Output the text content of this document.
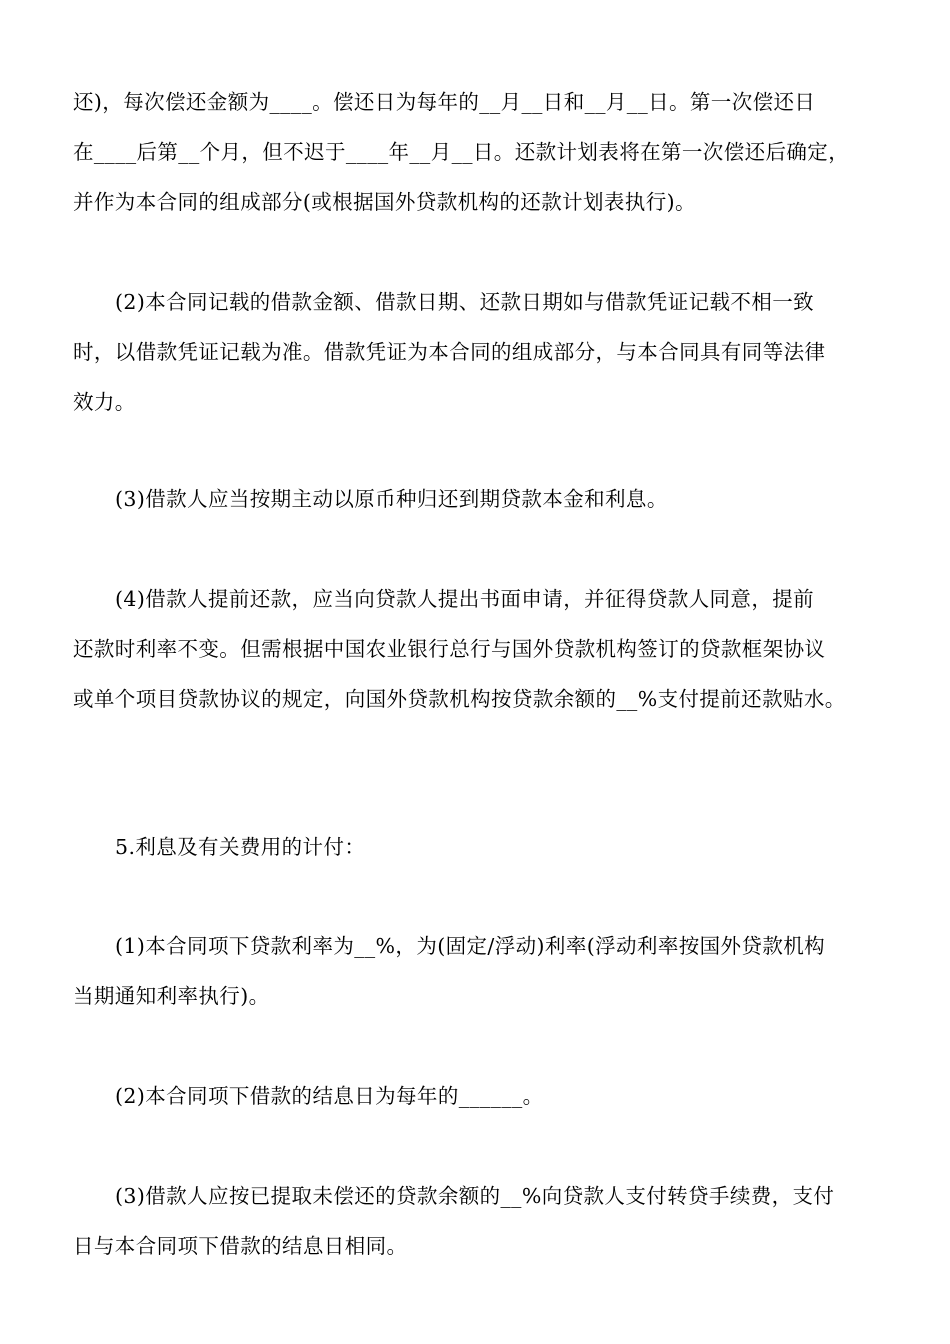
还)，每次偿还金额为____。偿还日为每年的__月__日和__月__日。第一次偿还日
在____后第__个月，但不迟于____年__月__日。还款计划表将在第一次偿还后确定，
并作为本合同的组成部分(或根据国外贷款机构的还款计划表执行)。

(2)本合同记载的借款金额、借款日期、还款日期如与借款凭证记载不相一致
时，以借款凭证记载为准。借款凭证为本合同的组成部分，与本合同具有同等法律
效力。

(3)借款人应当按期主动以原币种归还到期贷款本金和利息。

(4)借款人提前还款，应当向贷款人提出书面申请，并征得贷款人同意，提前
还款时利率不变。但需根据中国农业银行总行与国外贷款机构签订的贷款框架协议
或单个项目贷款协议的规定，向国外贷款机构按贷款余额的__%支付提前还款贴水。

5.利息及有关费用的计付：

(1)本合同项下贷款利率为__%，为(固定/浮动)利率(浮动利率按国外贷款机构
当期通知利率执行)。

(2)本合同项下借款的结息日为每年的______。

(3)借款人应按已提取未偿还的贷款余额的__%向贷款人支付转贷手续费，支付
日与本合同项下借款的结息日相同。
